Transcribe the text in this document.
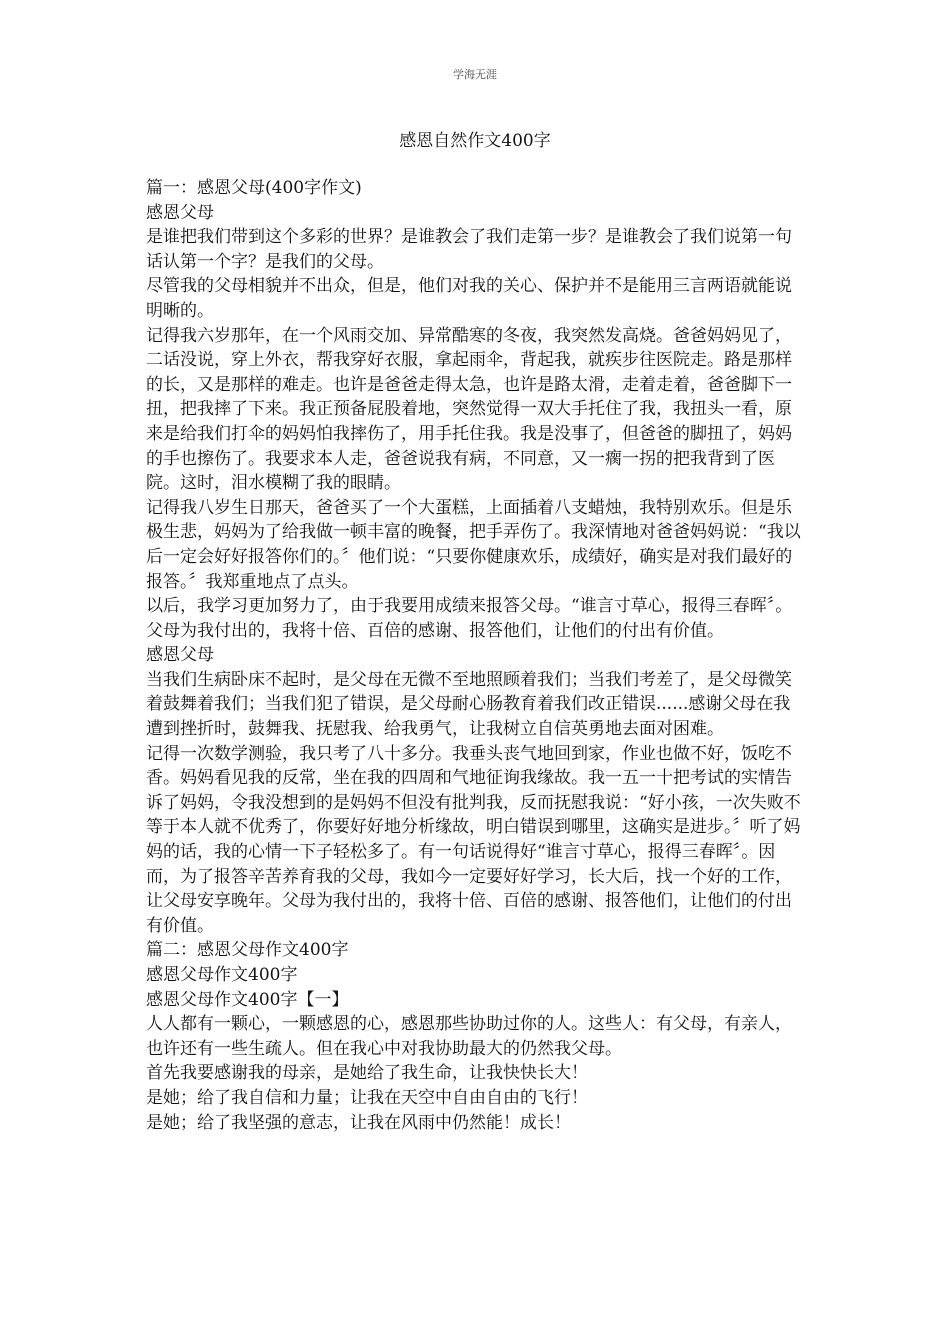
学海无涯
感恩自然作文400字

篇一：感恩父母(400字作文)

感恩父母

是谁把我们带到这个多彩的世界？是谁教会了我们走第一步？是谁教会了我们说第一句话认第一个字？是我们的父母。

尽管我的父母相貌并不出众，但是，他们对我的关心、保护并不是能用三言两语就能说明晰的。

记得我六岁那年，在一个风雨交加、异常酷寒的冬夜，我突然发高烧。爸爸妈妈见了，二话没说，穿上外衣，帮我穿好衣服，拿起雨伞，背起我，就疾步往医院走。路是那样的长，又是那样的难走。也许是爸爸走得太急，也许是路太滑，走着走着，爸爸脚下一扭，把我摔了下来。我正预备屁股着地，突然觉得一双大手托住了我，我扭头一看，原来是给我们打伞的妈妈怕我摔伤了，用手托住我。我是没事了，但爸爸的脚扭了，妈妈的手也擦伤了。我要求本人走，爸爸说我有病，不同意，又一瘸一拐的把我背到了医院。这时，泪水模糊了我的眼睛。

记得我八岁生日那天，爸爸买了一个大蛋糕，上面插着八支蜡烛，我特别欢乐。但是乐极生悲，妈妈为了给我做一顿丰富的晚餐，把手弄伤了。我深情地对爸爸妈妈说：“我以后一定会好好报答你们的。〞他们说：“只要你健康欢乐，成绩好，确实是对我们最好的报答。〞我郑重地点了点头。

以后，我学习更加努力了，由于我要用成绩来报答父母。“谁言寸草心，报得三春晖〞。父母为我付出的，我将十倍、百倍的感谢、报答他们，让他们的付出有价值。

感恩父母

当我们生病卧床不起时，是父母在无微不至地照顾着我们；当我们考差了，是父母微笑着鼓舞着我们；当我们犯了错误，是父母耐心肠教育着我们改正错误......感谢父母在我遭到挫折时，鼓舞我、抚慰我、给我勇气，让我树立自信英勇地去面对困难。

记得一次数学测验，我只考了八十多分。我垂头丧气地回到家，作业也做不好，饭吃不香。妈妈看见我的反常，坐在我的四周和气地征询我缘故。我一五一十把考试的实情告诉了妈妈，令我没想到的是妈妈不但没有批判我，反而抚慰我说：“好小孩，一次失败不等于本人就不优秀了，你要好好地分析缘故，明白错误到哪里，这确实是进步。〞听了妈妈的话，我的心情一下子轻松多了。有一句话说得好“谁言寸草心，报得三春晖〞。因而，为了报答辛苦养育我的父母，我如今一定要好好学习，长大后，找一个好的工作，让父母安享晚年。父母为我付出的，我将十倍、百倍的感谢、报答他们，让他们的付出有价值。

篇二：感恩父母作文400字

感恩父母作文400字

感恩父母作文400字【一】

人人都有一颗心，一颗感恩的心，感恩那些协助过你的人。这些人：有父母，有亲人，也许还有一些生疏人。但在我心中对我协助最大的仍然我父母。

首先我要感谢我的母亲，是她给了我生命，让我快快长大！

是她；给了我自信和力量；让我在天空中自由自由的飞行！

是她；给了我坚强的意志，让我在风雨中仍然能！成长！
